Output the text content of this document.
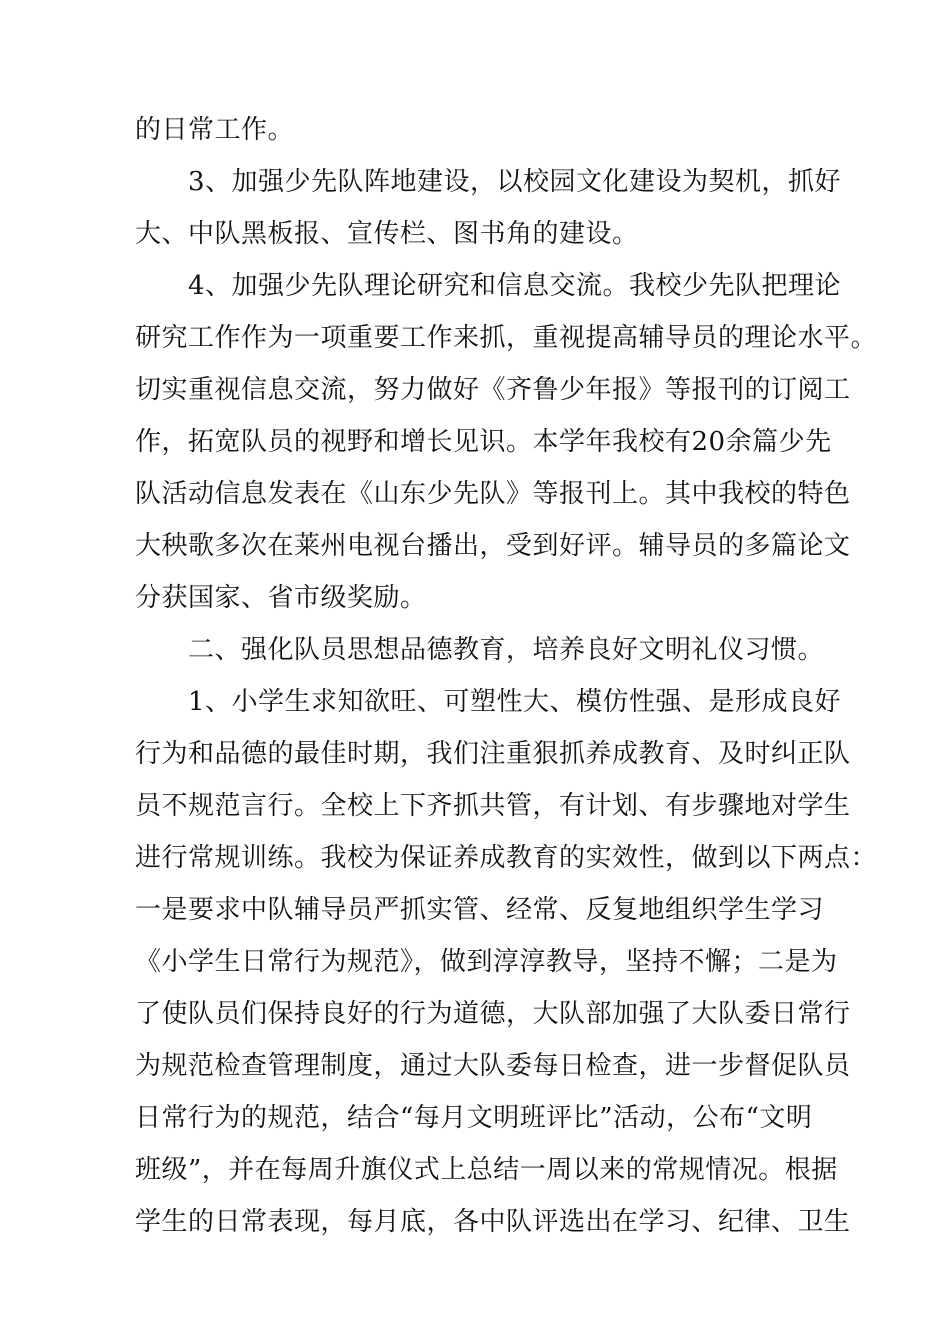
的日常工作。
3、加强少先队阵地建设，以校园文化建设为契机，抓好
大、中队黑板报、宣传栏、图书角的建设。
4、加强少先队理论研究和信息交流。我校少先队把理论
研究工作作为一项重要工作来抓，重视提高辅导员的理论水平。
切实重视信息交流，努力做好《齐鲁少年报》等报刊的订阅工
作，拓宽队员的视野和增长见识。本学年我校有20余篇少先
队活动信息发表在《山东少先队》等报刊上。其中我校的特色
大秧歌多次在莱州电视台播出，受到好评。辅导员的多篇论文
分获国家、省市级奖励。
二、强化队员思想品德教育，培养良好文明礼仪习惯。
1、小学生求知欲旺、可塑性大、模仿性强、是形成良好
行为和品德的最佳时期，我们注重狠抓养成教育、及时纠正队
员不规范言行。全校上下齐抓共管，有计划、有步骤地对学生
进行常规训练。我校为保证养成教育的实效性，做到以下两点：
一是要求中队辅导员严抓实管、经常、反复地组织学生学习
《小学生日常行为规范》，做到淳淳教导，坚持不懈；二是为
了使队员们保持良好的行为道德，大队部加强了大队委日常行
为规范检查管理制度，通过大队委每日检查，进一步督促队员
日常行为的规范，结合“每月文明班评比”活动，公布“文明
班级”，并在每周升旗仪式上总结一周以来的常规情况。根据
学生的日常表现，每月底，各中队评选出在学习、纪律、卫生
